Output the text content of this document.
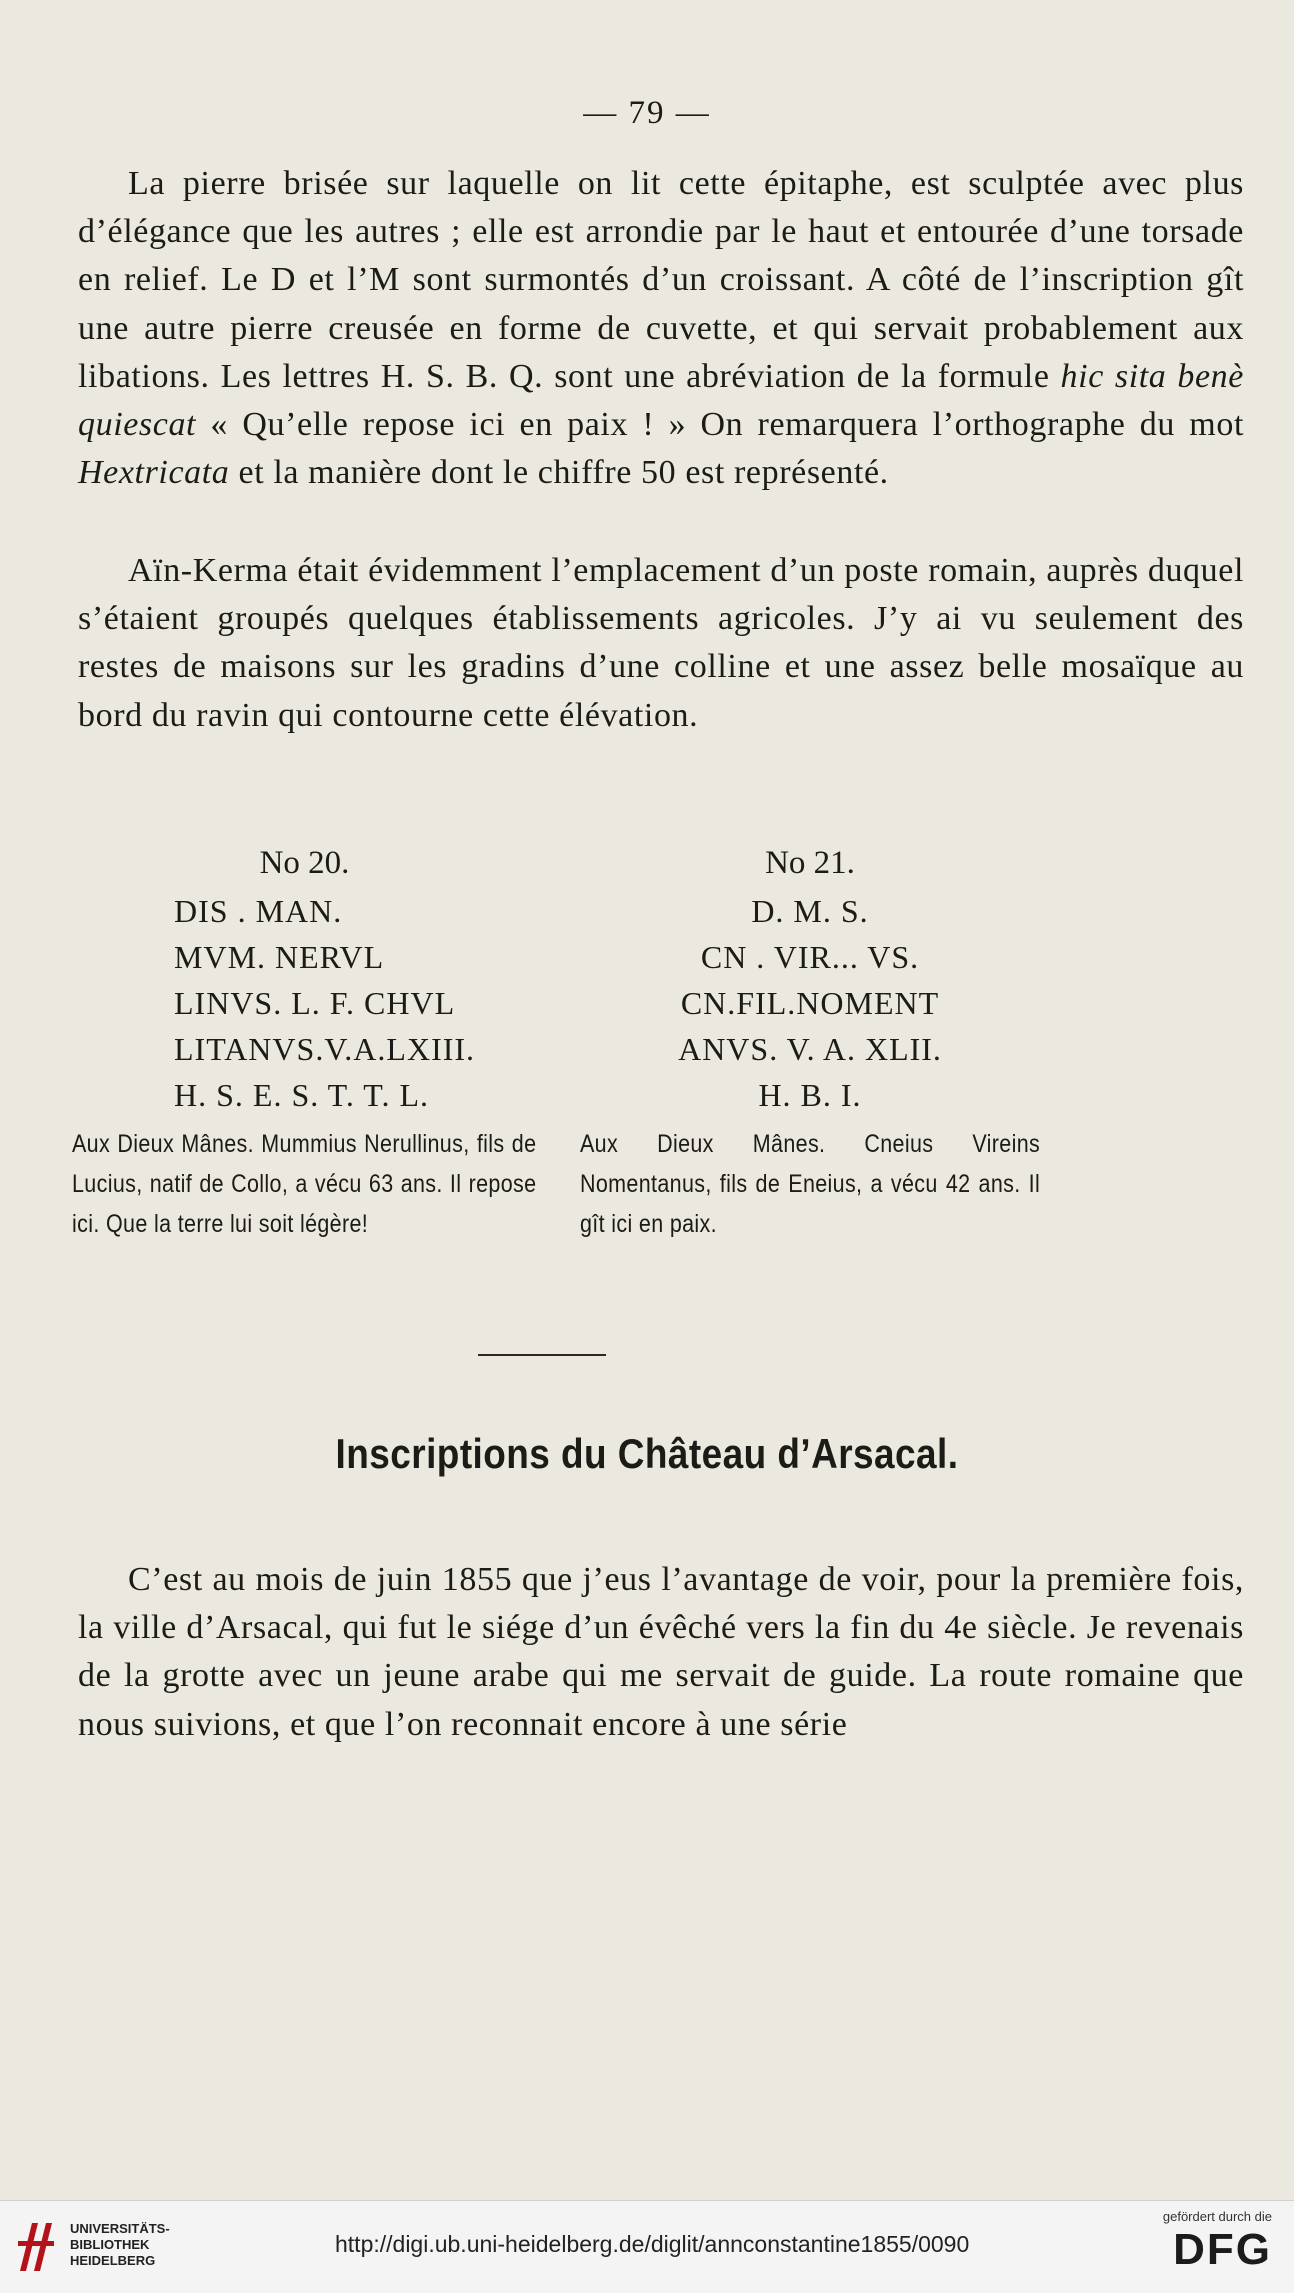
— 79 —

La pierre brisée sur laquelle on lit cette épitaphe, est sculptée avec plus d’élégance que les autres ; elle est arrondie par le haut et entourée d’une torsade en relief. Le D et l’M sont surmontés d’un croissant. A côté de l’inscription gît une autre pierre creusée en forme de cuvette, et qui servait probablement aux libations. Les lettres H. S. B. Q. sont une abréviation de la formule hic sita benè quiescat « Qu’elle repose ici en paix ! » On remarquera l’orthographe du mot Hextricata et la manière dont le chiffre 50 est représenté.

Aïn-Kerma était évidemment l’emplacement d’un poste romain, auprès duquel s’étaient groupés quelques établissements agricoles. J’y ai vu seulement des restes de maisons sur les gradins d’une colline et une assez belle mosaïque au bord du ravin qui contourne cette élévation.

No 20.
DIS . MAN.
MVM. NERVL
LINVS. L. F. CHVL
LITANVS.V.A.LXIII.
H. S. E. S. T. T. L.
Aux Dieux Mânes. Mummius Nerullinus, fils de Lucius, natif de Collo, a vécu 63 ans. Il repose ici. Que la terre lui soit légère!
No 21.
D. M. S.
CN . VIR... VS.
CN.FIL.NOMENT
ANVS. V. A. XLII.
H. B. I.
Aux Dieux Mânes. Cneius Vireins Nomentanus, fils de Eneius, a vécu 42 ans. Il gît ici en paix.
Inscriptions du Château d’Arsacal.

C’est au mois de juin 1855 que j’eus l’avantage de voir, pour la première fois, la ville d’Arsacal, qui fut le siége d’un évêché vers la fin du 4e siècle. Je revenais de la grotte avec un jeune arabe qui me servait de guide. La route romaine que nous suivions, et que l’on reconnait encore à une série

UNIVERSITÄTS-
BIBLIOTHEK
HEIDELBERG
http://digi.ub.uni-heidelberg.de/diglit/annconstantine1855/0090
gefördert durch die
DFG
